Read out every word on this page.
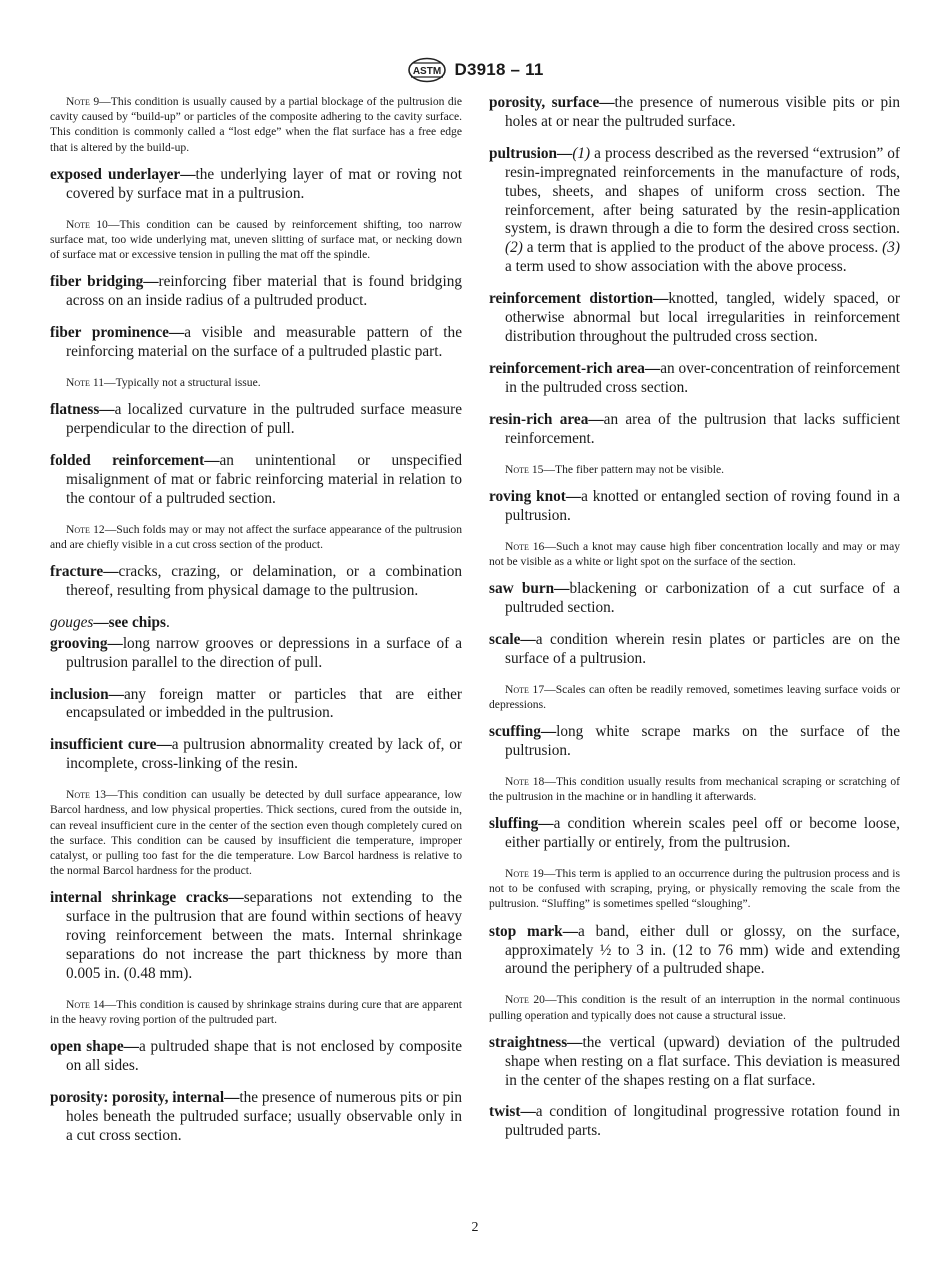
ASTM D3918 – 11

Note 9—This condition is usually caused by a partial blockage of the pultrusion die cavity caused by “build-up” or particles of the composite adhering to the cavity surface. This condition is commonly called a “lost edge” when the flat surface has a free edge that is altered by the build-up.

exposed underlayer—the underlying layer of mat or roving not covered by surface mat in a pultrusion.

Note 10—This condition can be caused by reinforcement shifting, too narrow surface mat, too wide underlying mat, uneven slitting of surface mat, or necking down of surface mat or excessive tension in pulling the mat off the spindle.

fiber bridging—reinforcing fiber material that is found bridging across on an inside radius of a pultruded product.

fiber prominence—a visible and measurable pattern of the reinforcing material on the surface of a pultruded plastic part.

Note 11—Typically not a structural issue.

flatness—a localized curvature in the pultruded surface measure perpendicular to the direction of pull.

folded reinforcement—an unintentional or unspecified misalignment of mat or fabric reinforcing material in relation to the contour of a pultruded section.

Note 12—Such folds may or may not affect the surface appearance of the pultrusion and are chiefly visible in a cut cross section of the product.

fracture—cracks, crazing, or delamination, or a combination thereof, resulting from physical damage to the pultrusion.

gouges—see chips.

grooving—long narrow grooves or depressions in a surface of a pultrusion parallel to the direction of pull.

inclusion—any foreign matter or particles that are either encapsulated or imbedded in the pultrusion.

insufficient cure—a pultrusion abnormality created by lack of, or incomplete, cross-linking of the resin.

Note 13—This condition can usually be detected by dull surface appearance, low Barcol hardness, and low physical properties. Thick sections, cured from the outside in, can reveal insufficient cure in the center of the section even though completely cured on the surface. This condition can be caused by insufficient die temperature, improper catalyst, or pulling too fast for the die temperature. Low Barcol hardness is relative to the normal Barcol hardness for the product.

internal shrinkage cracks—separations not extending to the surface in the pultrusion that are found within sections of heavy roving reinforcement between the mats. Internal shrinkage separations do not increase the part thickness by more than 0.005 in. (0.48 mm).

Note 14—This condition is caused by shrinkage strains during cure that are apparent in the heavy roving portion of the pultruded part.

open shape—a pultruded shape that is not enclosed by composite on all sides.

porosity: porosity, internal—the presence of numerous pits or pin holes beneath the pultruded surface; usually observable only in a cut cross section.

porosity, surface—the presence of numerous visible pits or pin holes at or near the pultruded surface.

pultrusion—(1) a process described as the reversed “extrusion” of resin-impregnated reinforcements in the manufacture of rods, tubes, sheets, and shapes of uniform cross section. The reinforcement, after being saturated by the resin-application system, is drawn through a die to form the desired cross section. (2) a term that is applied to the product of the above process. (3) a term used to show association with the above process.

reinforcement distortion—knotted, tangled, widely spaced, or otherwise abnormal but local irregularities in reinforcement distribution throughout the pultruded cross section.

reinforcement-rich area—an over-concentration of reinforcement in the pultruded cross section.

resin-rich area—an area of the pultrusion that lacks sufficient reinforcement.

Note 15—The fiber pattern may not be visible.

roving knot—a knotted or entangled section of roving found in a pultrusion.

Note 16—Such a knot may cause high fiber concentration locally and may or may not be visible as a white or light spot on the surface of the section.

saw burn—blackening or carbonization of a cut surface of a pultruded section.

scale—a condition wherein resin plates or particles are on the surface of a pultrusion.

Note 17—Scales can often be readily removed, sometimes leaving surface voids or depressions.

scuffing—long white scrape marks on the surface of the pultrusion.

Note 18—This condition usually results from mechanical scraping or scratching of the pultrusion in the machine or in handling it afterwards.

sluffing—a condition wherein scales peel off or become loose, either partially or entirely, from the pultrusion.

Note 19—This term is applied to an occurrence during the pultrusion process and is not to be confused with scraping, prying, or physically removing the scale from the pultrusion. “Sluffing” is sometimes spelled “sloughing”.

stop mark—a band, either dull or glossy, on the surface, approximately ½ to 3 in. (12 to 76 mm) wide and extending around the periphery of a pultruded shape.

Note 20—This condition is the result of an interruption in the normal continuous pulling operation and typically does not cause a structural issue.

straightness—the vertical (upward) deviation of the pultruded shape when resting on a flat surface. This deviation is measured in the center of the shapes resting on a flat surface.

twist—a condition of longitudinal progressive rotation found in pultruded parts.

2
